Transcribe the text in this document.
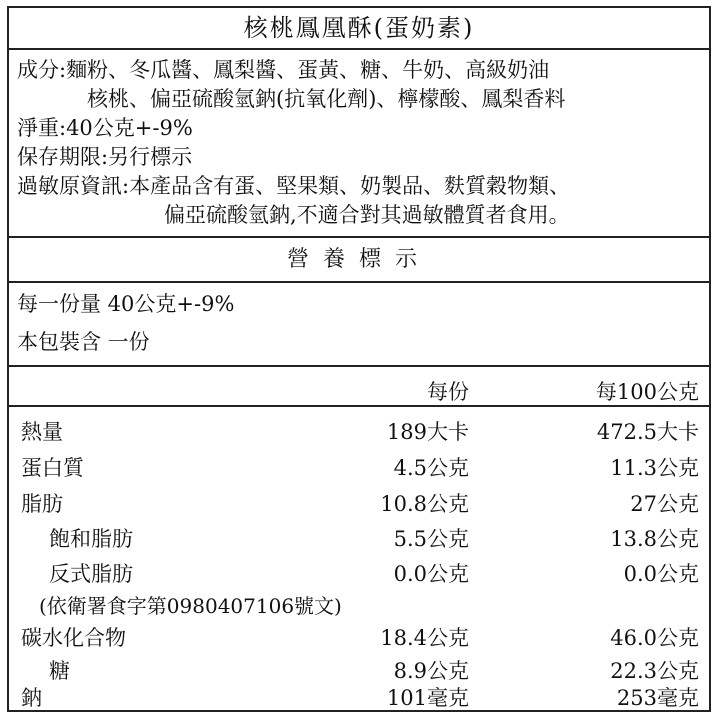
核桃鳳凰酥(蛋奶素)
成分:麵粉、冬瓜醬、鳳梨醬、蛋黃、糖、牛奶、高級奶油
核桃、偏亞硫酸氫鈉(抗氧化劑)、檸檬酸、鳳梨香料
淨重:40公克+-9%
保存期限:另行標示
過敏原資訊:本產品含有蛋、堅果類、奶製品、麩質穀物類、
偏亞硫酸氫鈉,不適合對其過敏體質者食用。
營養標示
每一份量 40公克+-9%
本包裝含 一份
每份	每100公克
熱量	189大卡	472.5大卡
蛋白質	4.5公克	11.3公克
脂肪	10.8公克	27公克
飽和脂肪	5.5公克	13.8公克
反式脂肪	0.0公克	0.0公克
(依衛署食字第0980407106號文)
碳水化合物	18.4公克	46.0公克
糖	8.9公克	22.3公克
鈉	101毫克	253毫克
